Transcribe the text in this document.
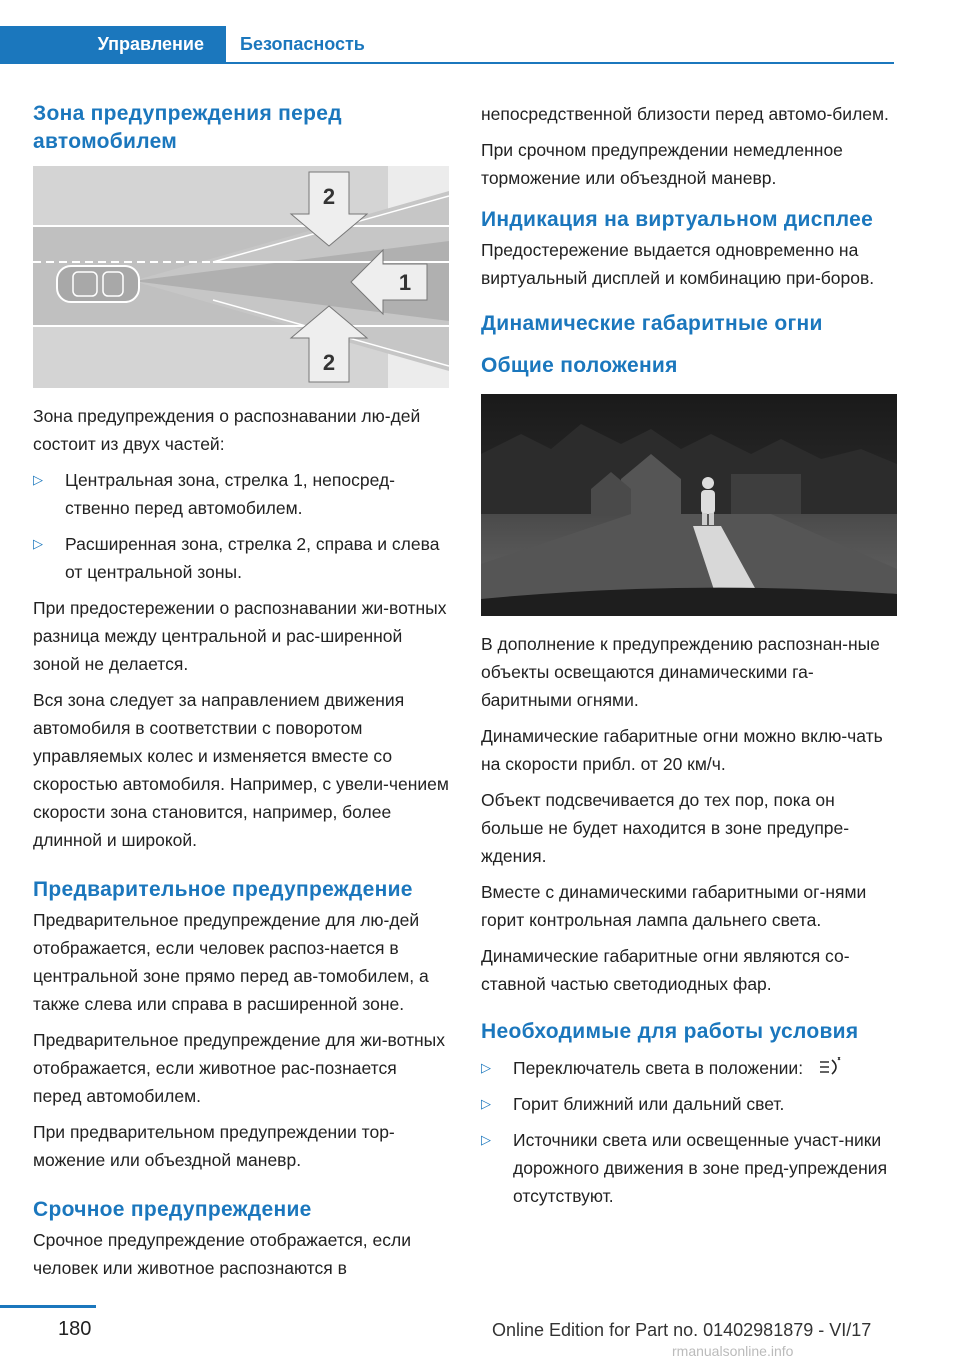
Управление	Безопасность
Зона предупреждения перед автомобилем
2
1
2

Зона предупреждения о распознавании лю-дей состоит из двух частей:

▷ Центральная зона, стрелка 1, непосред-ственно перед автомобилем.
▷ Расширенная зона, стрелка 2, справа и слева от центральной зоны.

При предостережении о распознавании жи-вотных разница между центральной и рас-ширенной зоной не делается.

Вся зона следует за направлением движения автомобиля в соответствии с поворотом управляемых колес и изменяется вместе со скоростью автомобиля. Например, с увели-чением скорости зона становится, например, более длинной и широкой.

Предварительное предупреждение

Предварительное предупреждение для лю-дей отображается, если человек распоз-нается в центральной зоне прямо перед ав-томобилем, а также слева или справа в расширенной зоне.

Предварительное предупреждение для жи-вотных отображается, если животное рас-познается перед автомобилем.

При предварительном предупреждении тор-можение или объездной маневр.

Срочное предупреждение

Срочное предупреждение отображается, если человек или животное распознаются в

непосредственной близости перед автомо-билем.

При срочном предупреждении немедленное торможение или объездной маневр.

Индикация на виртуальном дисплее

Предостережение выдается одновременно на виртуальный дисплей и комбинацию при-боров.

Динамические габаритные огни
Общие положения

В дополнение к предупреждению распознан-ные объекты освещаются динамическими га-баритными огнями.

Динамические габаритные огни можно вклю-чать на скорости прибл. от 20 км/ч.

Объект подсвечивается до тех пор, пока он больше не будет находится в зоне предупре-ждения.

Вместе с динамическими габаритными ог-нями горит контрольная лампа дальнего света.

Динамические габаритные огни являются со-ставной частью светодиодных фар.

Необходимые для работы условия
▷ Переключатель света в положении:
▷ Горит ближний или дальний свет.
▷ Источники света или освещенные участ-ники дорожного движения в зоне пред-упреждения отсутствуют.
180	Online Edition for Part no. 01402981879 - VI/17
rmanualsonline.info
